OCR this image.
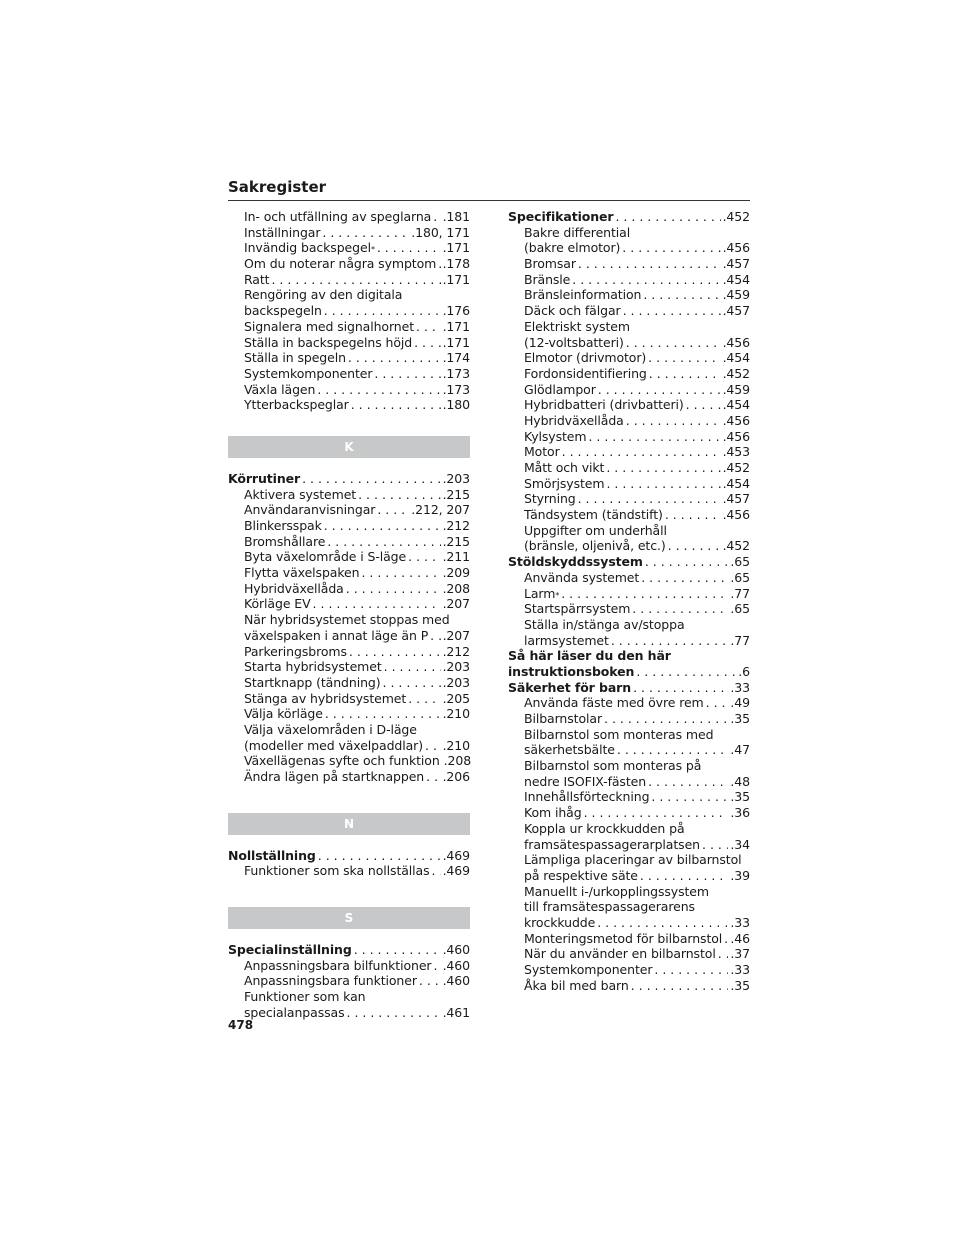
Sakregister
In- och utfällning av speglarna . . . .181
Inställningar . . .	.180, 171
Invändig backspegel * . . .	.171
Om du noterar några symptom . . . .178
Ratt . . .	.171
Rengöring av den digitala
backspegeln . . .	.176
Signalera med signalhornet . . . .171
Ställa in backspegelns höjd . . . .171
Ställa in spegeln . . .	.174
Systemkomponenter . . .	.173
Växla lägen . . .	.173
Ytterbackspeglar . . .	.180
K
Körrutiner . . .	.203
Aktivera systemet . . .	.215
Användaranvisningar . . .	.212, 207
Blinkersspak . . .	.212
Bromshållare . . .	.215
Byta växelområde i S-läge . . .	.211
Flytta växelspaken . . .	.209
Hybridväxellåda . . .	.208
Körläge EV . . .	.207
När hybridsystemet stoppas med
växelspaken i annat läge än P . . . .207
Parkeringsbroms . . .	.212
Starta hybridsystemet . . .	.203
Startknapp (tändning) . . .	.203
Stänga av hybridsystemet . . .	.205
Välja körläge . . .	.210
Välja växelområden i D-läge
(modeller med växelpaddlar) . . . .210
Växellägenas syfte och funktion .208
Ändra lägen på startknappen . . . .206
N
Nollställning . . .	.469
Funktioner som ska nollställas . . . .469
S
Specialinställning . . .	.460
Anpassningsbara bilfunktioner . . . .460
Anpassningsbara funktioner . . . .460
Funktioner som kan
specialanpassas . . .	.461
Specifikationer . . .	.452
Bakre differential
(bakre elmotor) . . .	.456
Bromsar . . .	.457
Bränsle . . .	.454
Bränsleinformation . . .	.459
Däck och fälgar . . .	.457
Elektriskt system
(12-voltsbatteri) . . .	.456
Elmotor (drivmotor) . . .	.454
Fordonsidentifiering . . .	.452
Glödlampor . . .	.459
Hybridbatteri (drivbatteri) . . .	.454
Hybridväxellåda . . .	.456
Kylsystem . . .	.456
Motor . . .	.453
Mått och vikt . . .	.452
Smörjsystem . . .	.454
Styrning . . .	.457
Tändsystem (tändstift) . . .	.456
Uppgifter om underhåll
(bränsle, oljenivå, etc.) . . .	.452
Stöldskyddssystem . . .	.65
Använda systemet . . .	.65
Larm * . . .	.77
Startspärrsystem . . .	.65
Ställa in/stänga av/stoppa
larmsystemet . . .	.77
Så här läser du den här
instruktionsboken . . .	.6
Säkerhet för barn . . .	.33
Använda fäste med övre rem . . . .49
Bilbarnstolar . . .	.35
Bilbarnstol som monteras med
säkerhetsbälte . . .	.47
Bilbarnstol som monteras på
nedre ISOFIX-fästen . . .	.48
Innehållsförteckning . . .	.35
Kom ihåg . . .	.36
Koppla ur krockkudden på
framsätespassagerarplatsen . . . .34
Lämpliga placeringar av bilbarnstol
på respektive säte . . .	.39
Manuellt i-/urkopplingssystem
till framsätespassagerarens
krockkudde . . .	.33
Monteringsmetod för bilbarnstol . . . .46
När du använder en bilbarnstol . . . .37
Systemkomponenter . . .	.33
Åka bil med barn . . .	.35
478
